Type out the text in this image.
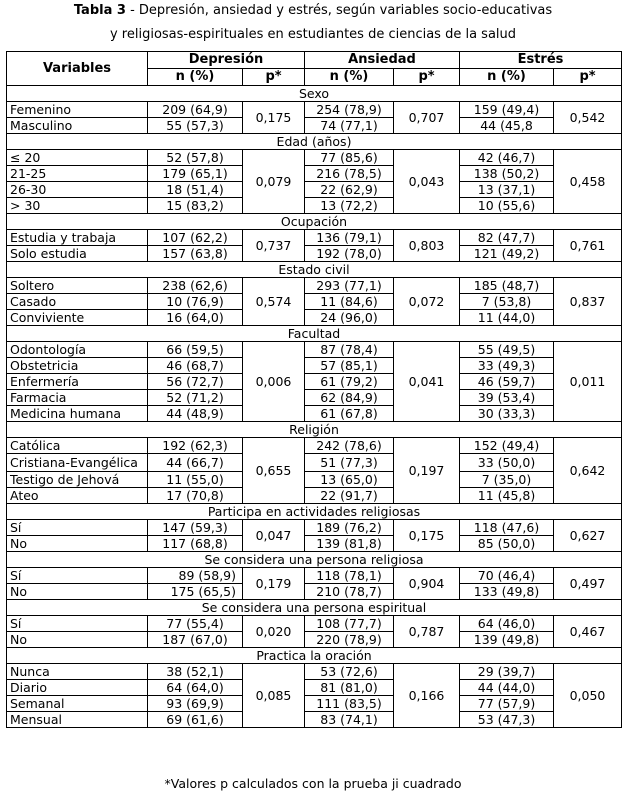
Tabla 3 - Depresión, ansiedad y estrés, según variables socio-educativas
y religiosas-espirituales en estudiantes de ciencias de la salud
Variables	Depresión		Ansiedad		Estrés	
	n (%)	p*	n (%)	p*	n (%)	p*
Sexo						
Femenino	209 (64,9)	0,175	254 (78,9)	0,707	159 (49,4)	0,542
Masculino	55 (57,3)		74 (77,1)		44 (45,8	
Edad (años)						
≤ 20	52 (57,8)	0,079	77 (85,6)	0,043	42 (46,7)	0,458
21-25	179 (65,1)		216 (78,5)		138 (50,2)	
26-30	18 (51,4)		22 (62,9)		13 (37,1)	
> 30	15 (83,2)		13 (72,2)		10 (55,6)	
Ocupación						
Estudia y trabaja	107 (62,2)	0,737	136 (79,1)	0,803	82 (47,7)	0,761
Solo estudia	157 (63,8)		192 (78,0)		121 (49,2)	
Estado civil						
Soltero	238 (62,6)	0,574	293 (77,1)	0,072	185 (48,7)	0,837
Casado	10 (76,9)		11 (84,6)		7 (53,8)	
Conviviente	16 (64,0)		24 (96,0)		11 (44,0)	
Facultad						
Odontología	66 (59,5)	0,006	87 (78,4)	0,041	55 (49,5)	0,011
Obstetricia	46 (68,7)		57 (85,1)		33 (49,3)	
Enfermería	56 (72,7)		61 (79,2)		46 (59,7)	
Farmacia	52 (71,2)		62 (84,9)		39 (53,4)	
Medicina humana	44 (48,9)		61 (67,8)		30 (33,3)	
Religión						
Católica	192 (62,3)	0,655	242 (78,6)	0,197	152 (49,4)	0,642
Cristiana-Evangélica	44 (66,7)		51 (77,3)		33 (50,0)	
Testigo de Jehová	11 (55,0)		13 (65,0)		7 (35,0)	
Ateo	17 (70,8)		22 (91,7)		11 (45,8)	
Participa en actividades religiosas						
Sí	147 (59,3)	0,047	189 (76,2)	0,175	118 (47,6)	0,627
No	117 (68,8)		139 (81,8)		85 (50,0)	
Se considera una persona religiosa						
Sí	89 (58,9)	0,179	118 (78,1)	0,904	70 (46,4)	0,497
No	175 (65,5)		210 (78,7)		133 (49,8)	
Se considera una persona espiritual						
Sí	77 (55,4)	0,020	108 (77,7)	0,787	64 (46,0)	0,467
No	187 (67,0)		220 (78,9)		139 (49,8)	
Practica la oración						
Nunca	38 (52,1)	0,085	53 (72,6)	0,166	29 (39,7)	0,050
Diario	64 (64,0)		81 (81,0)		44 (44,0)	
Semanal	93 (69,9)		111 (83,5)		77 (57,9)	
Mensual	69 (61,6)		83 (74,1)		53 (47,3)	
*Valores p calculados con la prueba ji cuadrado
